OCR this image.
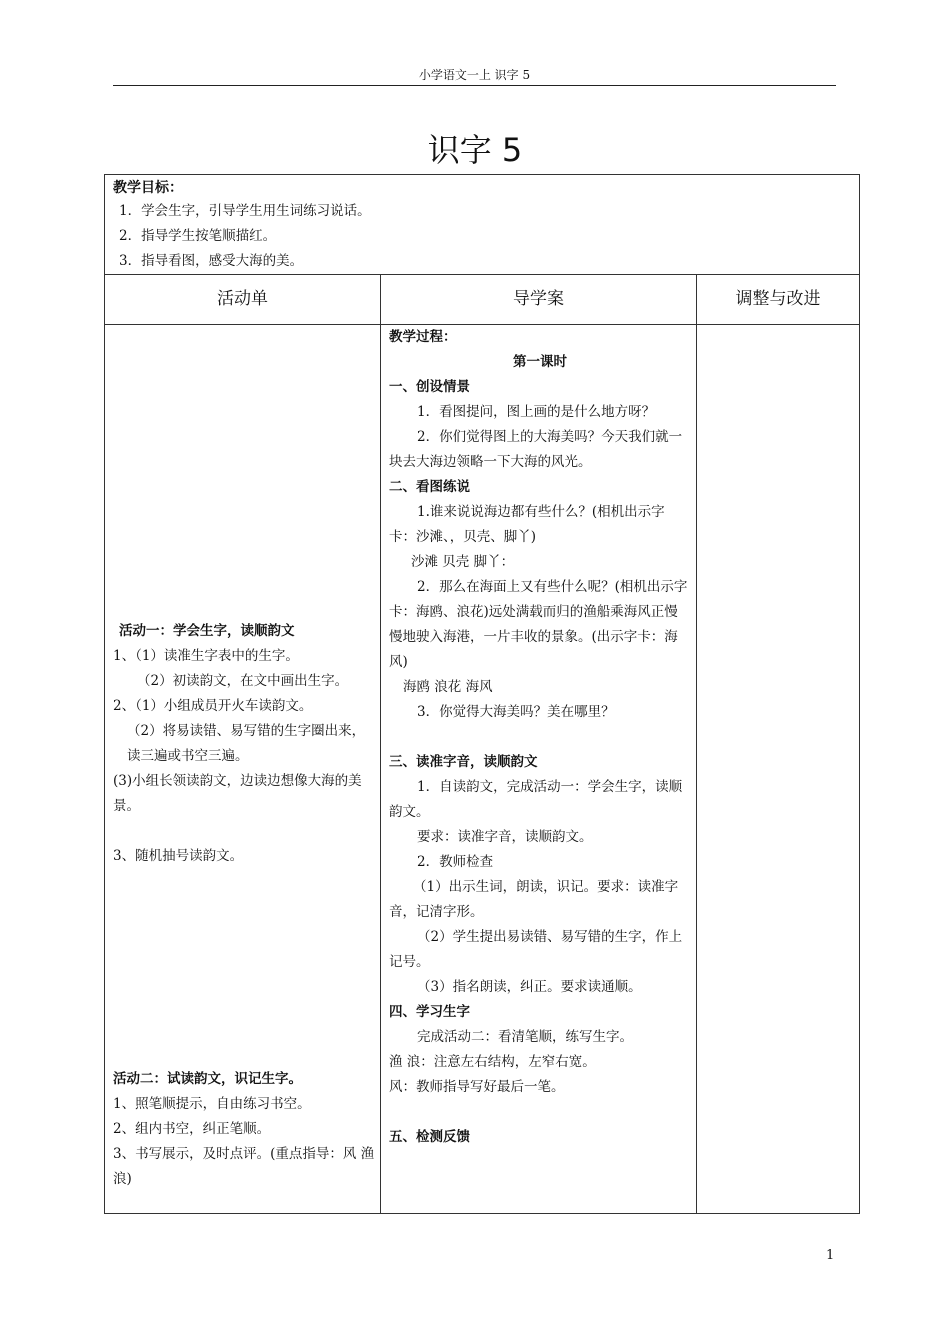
小学语文一上 识字 5
识字 5
教学目标：
1．学会生字，引导学生用生词练习说话。
2．指导学生按笔顺描红。
3．指导看图，感受大海的美。
活动单	导学案	调整与改进

活动一：学会生字，读顺韵文

1、（1）读准生字表中的生字。

（2）初读韵文，在文中画出生字。

2、（1）小组成员开火车读韵文。

（2）将易读错、易写错的生字圈出来，读三遍或书空三遍。

(3)小组长领读韵文，边读边想像大海的美景。

3、随机抽号读韵文。

活动二：试读韵文，识记生字。

1、照笔顺提示，自由练习书空。

2、组内书空，纠正笔顺。

3、书写展示，及时点评。(重点指导：风 渔 浪)

教学过程：

第一课时

一、创设情景

1．看图提问，图上画的是什么地方呀？

2．你们觉得图上的大海美吗？今天我们就一块去大海边领略一下大海的风光。

二、看图练说

1.谁来说说海边都有些什么？(相机出示字卡：沙滩、，贝壳、脚丫)

沙滩 贝壳 脚丫：

2．那么在海面上又有些什么呢？(相机出示字卡：海鸥、浪花)远处满载而归的渔船乘海风正慢慢地驶入海港，一片丰收的景象。(出示字卡：海风)

海鸥 浪花 海风

3．你觉得大海美吗？美在哪里？

三、读准字音，读顺韵文

1．自读韵文，完成活动一：学会生字，读顺韵文。

要求：读准字音，读顺韵文。

2．教师检查

（1）出示生词，朗读，识记。要求：读准字音，记清字形。

（2）学生提出易读错、易写错的生字，作上记号。

（3）指名朗读，纠正。要求读通顺。

四、学习生字

完成活动二：看清笔顺，练写生字。

渔 浪：注意左右结构，左窄右宽。

风：教师指导写好最后一笔。

五、检测反馈

1
